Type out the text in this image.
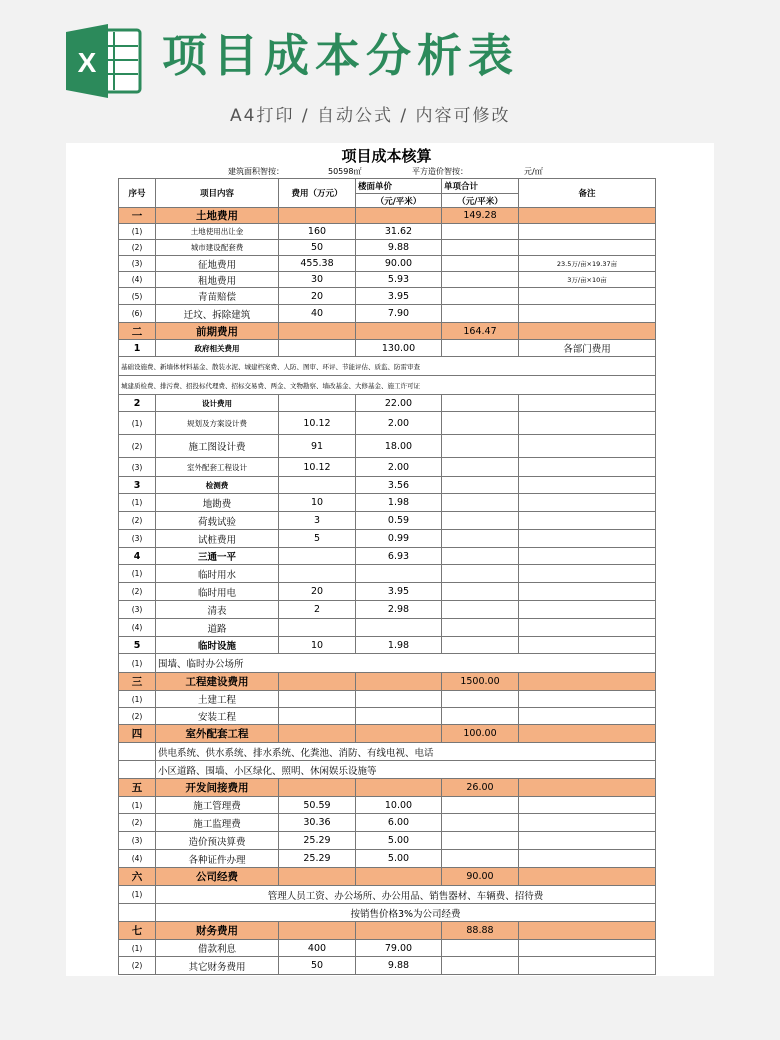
X 项目成本分析表
A4打印 / 自动公式 / 内容可修改
项目成本核算
建筑面积智按：	50598㎡	平方造价智按：	元/㎡
序号	项目内容	费用（万元）	楼面单价	单项合计	备注
			（元/平米）	（元/平米）	
一	土地费用			149.28	
(1)	土地使用出让金	160	31.62		
(2)	城市建设配套费	50	9.88		
(3)	征地费用	455.38	90.00		23.5万/亩×19.37亩
(4)	租地费用	30	5.93		3万/亩×10亩
(5)	青苗赔偿	20	3.95		
(6)	迁坟、拆除建筑	40	7.90		
二	前期费用			164.47	
1	政府相关费用		130.00		各部门费用
基础设施费、新墙体材料基金、散装水泥、城建档案费、人防、图审、环评、节能评估、质监、防雷审查					
城建质检费、排污费、招投标代理费、招标交易费、两金、文物勘察、墙改基金、大修基金、施工许可证					
2	设计费用		22.00		
(1)	规划及方案设计费	10.12	2.00		
(2)	施工图设计费	91	18.00		
(3)	室外配套工程设计	10.12	2.00		
3	检测费		3.56		
(1)	地勘费	10	1.98		
(2)	荷载试验	3	0.59		
(3)	试桩费用	5	0.99		
4	三通一平		6.93		
(1)	临时用水				
(2)	临时用电	20	3.95		
(3)	清表	2	2.98		
(4)	道路				
5	临时设施	10	1.98		
(1)	围墙、临时办公场所				
三	工程建设费用			1500.00	
(1)	土建工程				
(2)	安装工程				
四	室外配套工程			100.00	
	供电系统、供水系统、排水系统、化粪池、消防、有线电视、电话				
	小区道路、围墙、小区绿化、照明、休闲娱乐设施等				
五	开发间接费用			26.00	
(1)	施工管理费	50.59	10.00		
(2)	施工监理费	30.36	6.00		
(3)	造价预决算费	25.29	5.00		
(4)	各种证件办理	25.29	5.00		
六	公司经费			90.00	
(1)	管理人员工资、办公场所、办公用品、销售器材、车辆费、招待费				
	按销售价格3%为公司经费				
七	财务费用			88.88	
(1)	借款利息	400	79.00		
(2)	其它财务费用	50	9.88		
